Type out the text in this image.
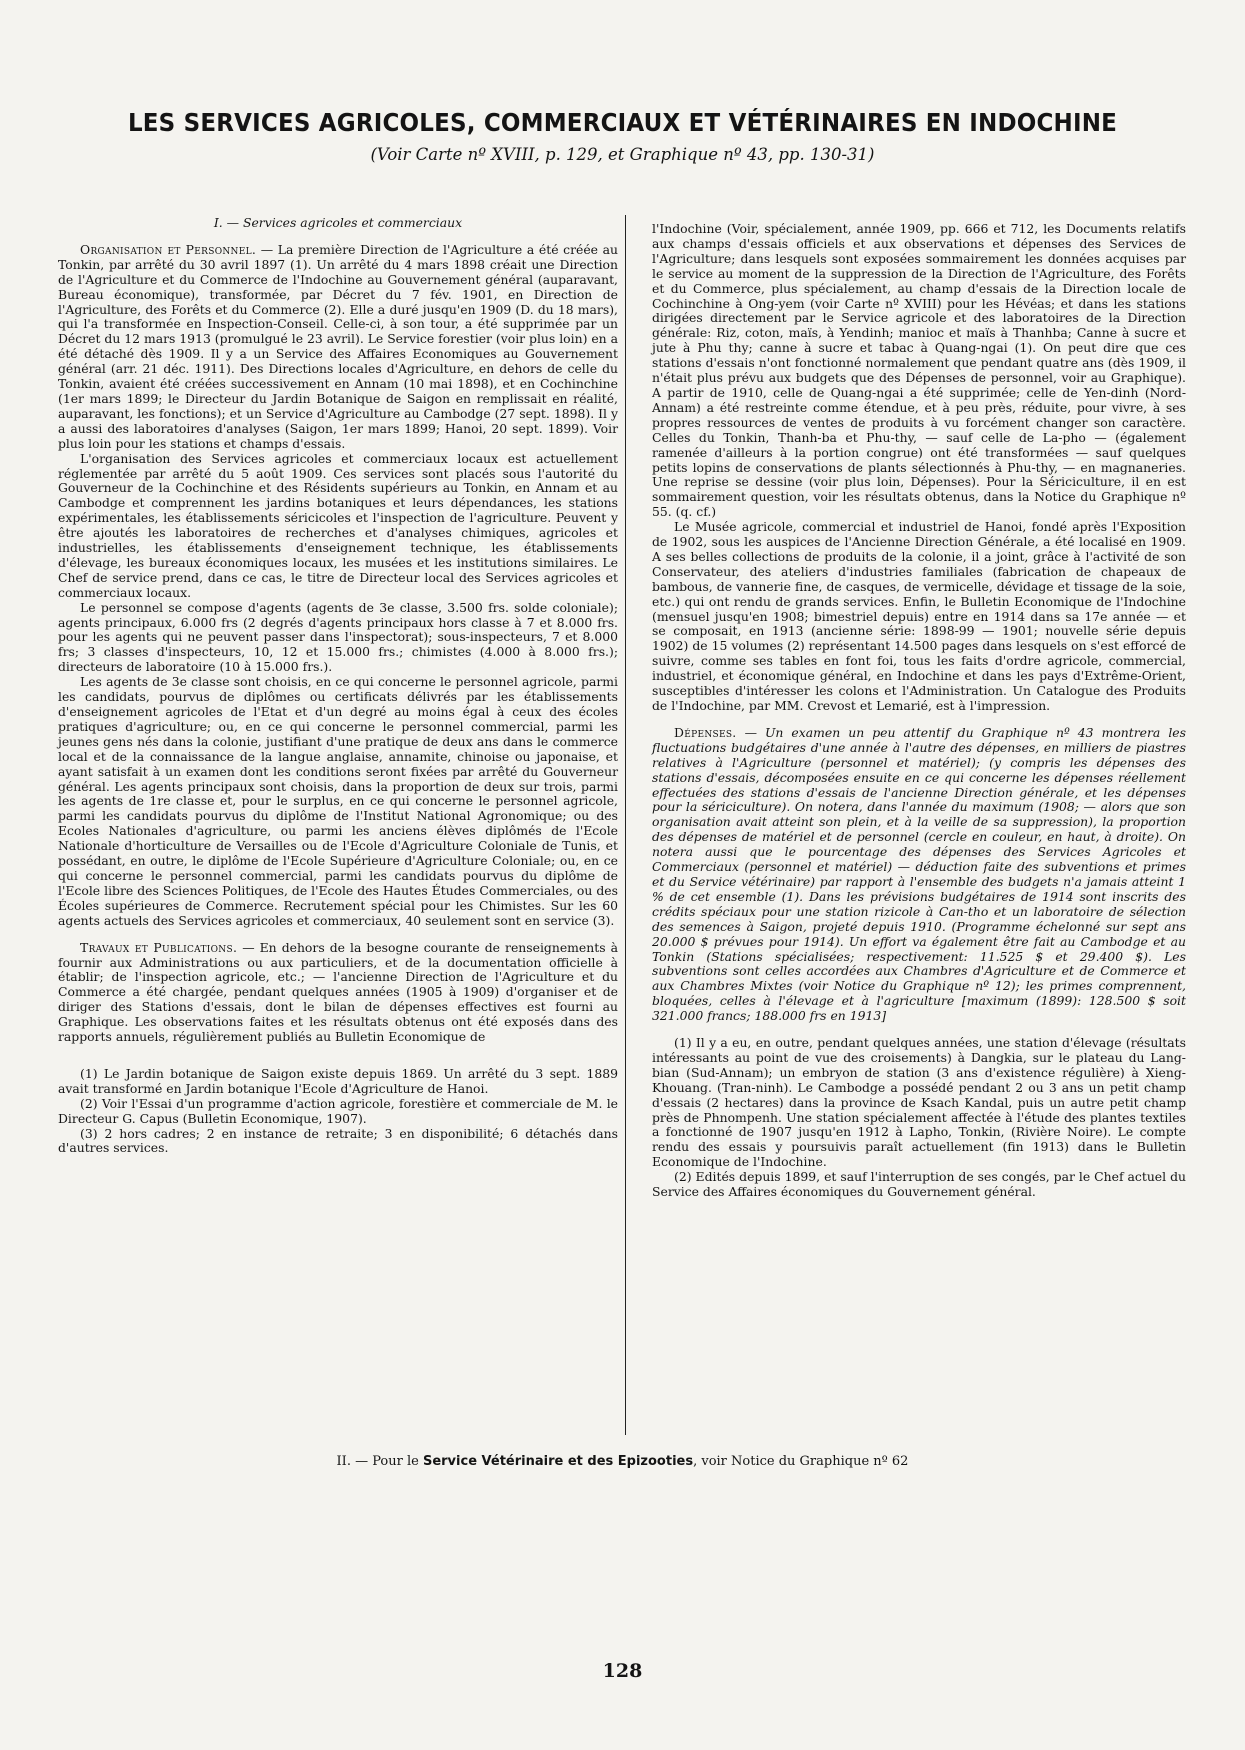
LES SERVICES AGRICOLES, COMMERCIAUX ET VÉTÉRINAIRES EN INDOCHINE
(Voir Carte nº XVIII, p. 129, et Graphique nº 43, pp. 130-31)

I. — Services agricoles et commerciaux

Organisation et Personnel. — La première Direction de l'Agriculture a été créée au Tonkin, par arrêté du 30 avril 1897 (1). Un arrêté du 4 mars 1898 créait une Direction de l'Agriculture et du Commerce de l'Indochine au Gouvernement général (auparavant, Bureau économique), transformée, par Décret du 7 fév. 1901, en Direction de l'Agriculture, des Forêts et du Commerce (2). Elle a duré jusqu'en 1909 (D. du 18 mars), qui l'a transformée en Inspection-Conseil. Celle-ci, à son tour, a été supprimée par un Décret du 12 mars 1913 (promulgué le 23 avril). Le Service forestier (voir plus loin) en a été détaché dès 1909. Il y a un Service des Affaires Economiques au Gouvernement général (arr. 21 déc. 1911). Des Directions locales d'Agriculture, en dehors de celle du Tonkin, avaient été créées successivement en Annam (10 mai 1898), et en Cochinchine (1er mars 1899; le Directeur du Jardin Botanique de Saigon en remplissait en réalité, auparavant, les fonctions); et un Service d'Agriculture au Cambodge (27 sept. 1898). Il y a aussi des laboratoires d'analyses (Saigon, 1er mars 1899; Hanoi, 20 sept. 1899). Voir plus loin pour les stations et champs d'essais.

L'organisation des Services agricoles et commerciaux locaux est actuellement réglementée par arrêté du 5 août 1909. Ces services sont placés sous l'autorité du Gouverneur de la Cochinchine et des Résidents supérieurs au Tonkin, en Annam et au Cambodge et comprennent les jardins botaniques et leurs dépendances, les stations expérimentales, les établissements séricicoles et l'inspection de l'agriculture. Peuvent y être ajoutés les laboratoires de recherches et d'analyses chimiques, agricoles et industrielles, les établissements d'enseignement technique, les établissements d'élevage, les bureaux économiques locaux, les musées et les institutions similaires. Le Chef de service prend, dans ce cas, le titre de Directeur local des Services agricoles et commerciaux locaux.

Le personnel se compose d'agents (agents de 3e classe, 3.500 frs. solde coloniale); agents principaux, 6.000 frs (2 degrés d'agents principaux hors classe à 7 et 8.000 frs. pour les agents qui ne peuvent passer dans l'inspectorat); sous-inspecteurs, 7 et 8.000 frs; 3 classes d'inspecteurs, 10, 12 et 15.000 frs.; chimistes (4.000 à 8.000 frs.); directeurs de laboratoire (10 à 15.000 frs.).

Les agents de 3e classe sont choisis, en ce qui concerne le personnel agricole, parmi les candidats, pourvus de diplômes ou certificats délivrés par les établissements d'enseignement agricoles de l'Etat et d'un degré au moins égal à ceux des écoles pratiques d'agriculture; ou, en ce qui concerne le personnel commercial, parmi les jeunes gens nés dans la colonie, justifiant d'une pratique de deux ans dans le commerce local et de la connaissance de la langue anglaise, annamite, chinoise ou japonaise, et ayant satisfait à un examen dont les conditions seront fixées par arrêté du Gouverneur général. Les agents principaux sont choisis, dans la proportion de deux sur trois, parmi les agents de 1re classe et, pour le surplus, en ce qui concerne le personnel agricole, parmi les candidats pourvus du diplôme de l'Institut National Agronomique; ou des Ecoles Nationales d'agriculture, ou parmi les anciens élèves diplômés de l'Ecole Nationale d'horticulture de Versailles ou de l'Ecole d'Agriculture Coloniale de Tunis, et possédant, en outre, le diplôme de l'Ecole Supérieure d'Agriculture Coloniale; ou, en ce qui concerne le personnel commercial, parmi les candidats pourvus du diplôme de l'Ecole libre des Sciences Politiques, de l'Ecole des Hautes Études Commerciales, ou des Écoles supérieures de Commerce. Recrutement spécial pour les Chimistes. Sur les 60 agents actuels des Services agricoles et commerciaux, 40 seulement sont en service (3).

Travaux et Publications. — En dehors de la besogne courante de renseignements à fournir aux Administrations ou aux particuliers, et de la documentation officielle à établir; de l'inspection agricole, etc.; — l'ancienne Direction de l'Agriculture et du Commerce a été chargée, pendant quelques années (1905 à 1909) d'organiser et de diriger des Stations d'essais, dont le bilan de dépenses effectives est fourni au Graphique. Les observations faites et les résultats obtenus ont été exposés dans des rapports annuels, régulièrement publiés au Bulletin Economique de

(1) Le Jardin botanique de Saigon existe depuis 1869. Un arrêté du 3 sept. 1889 avait transformé en Jardin botanique l'Ecole d'Agriculture de Hanoi.

(2) Voir l'Essai d'un programme d'action agricole, forestière et commerciale de M. le Directeur G. Capus (Bulletin Economique, 1907).

(3) 2 hors cadres; 2 en instance de retraite; 3 en disponibilité; 6 détachés dans d'autres services.

l'Indochine (Voir, spécialement, année 1909, pp. 666 et 712, les Documents relatifs aux champs d'essais officiels et aux observations et dépenses des Services de l'Agriculture; dans lesquels sont exposées sommairement les données acquises par le service au moment de la suppression de la Direction de l'Agriculture, des Forêts et du Commerce, plus spécialement, au champ d'essais de la Direction locale de Cochinchine à Ong-yem (voir Carte nº XVIII) pour les Hévéas; et dans les stations dirigées directement par le Service agricole et des laboratoires de la Direction générale: Riz, coton, maïs, à Yendinh; manioc et maïs à Thanhba; Canne à sucre et jute à Phu thy; canne à sucre et tabac à Quang-ngai (1). On peut dire que ces stations d'essais n'ont fonctionné normalement que pendant quatre ans (dès 1909, il n'était plus prévu aux budgets que des Dépenses de personnel, voir au Graphique). A partir de 1910, celle de Quang-ngai a été supprimée; celle de Yen-dinh (Nord-Annam) a été restreinte comme étendue, et à peu près, réduite, pour vivre, à ses propres ressources de ventes de produits à vu forcément changer son caractère. Celles du Tonkin, Thanh-ba et Phu-thy, — sauf celle de La-pho — (également ramenée d'ailleurs à la portion congrue) ont été transformées — sauf quelques petits lopins de conservations de plants sélectionnés à Phu-thy, — en magnaneries. Une reprise se dessine (voir plus loin, Dépenses). Pour la Sériciculture, il en est sommairement question, voir les résultats obtenus, dans la Notice du Graphique nº 55. (q. cf.)

Le Musée agricole, commercial et industriel de Hanoi, fondé après l'Exposition de 1902, sous les auspices de l'Ancienne Direction Générale, a été localisé en 1909. A ses belles collections de produits de la colonie, il a joint, grâce à l'activité de son Conservateur, des ateliers d'industries familiales (fabrication de chapeaux de bambous, de vannerie fine, de casques, de vermicelle, dévidage et tissage de la soie, etc.) qui ont rendu de grands services. Enfin, le Bulletin Economique de l'Indochine (mensuel jusqu'en 1908; bimestriel depuis) entre en 1914 dans sa 17e année — et se composait, en 1913 (ancienne série: 1898-99 — 1901; nouvelle série depuis 1902) de 15 volumes (2) représentant 14.500 pages dans lesquels on s'est efforcé de suivre, comme ses tables en font foi, tous les faits d'ordre agricole, commercial, industriel, et économique général, en Indochine et dans les pays d'Extrême-Orient, susceptibles d'intéresser les colons et l'Administration. Un Catalogue des Produits de l'Indochine, par MM. Crevost et Lemarié, est à l'impression.

Dépenses. — Un examen un peu attentif du Graphique nº 43 montrera les fluctuations budgétaires d'une année à l'autre des dépenses, en milliers de piastres relatives à l'Agriculture (personnel et matériel); (y compris les dépenses des stations d'essais, décomposées ensuite en ce qui concerne les dépenses réellement effectuées des stations d'essais de l'ancienne Direction générale, et les dépenses pour la sériciculture). On notera, dans l'année du maximum (1908; — alors que son organisation avait atteint son plein, et à la veille de sa suppression), la proportion des dépenses de matériel et de personnel (cercle en couleur, en haut, à droite). On notera aussi que le pourcentage des dépenses des Services Agricoles et Commerciaux (personnel et matériel) — déduction faite des subventions et primes et du Service vétérinaire) par rapport à l'ensemble des budgets n'a jamais atteint 1 % de cet ensemble (1). Dans les prévisions budgétaires de 1914 sont inscrits des crédits spéciaux pour une station rizicole à Can-tho et un laboratoire de sélection des semences à Saigon, projeté depuis 1910. (Programme échelonné sur sept ans 20.000 $ prévues pour 1914). Un effort va également être fait au Cambodge et au Tonkin (Stations spécialisées; respectivement: 11.525 $ et 29.400 $). Les subventions sont celles accordées aux Chambres d'Agriculture et de Commerce et aux Chambres Mixtes (voir Notice du Graphique nº 12); les primes comprennent, bloquées, celles à l'élevage et à l'agriculture [maximum (1899): 128.500 $ soit 321.000 francs; 188.000 frs en 1913]

(1) Il y a eu, en outre, pendant quelques années, une station d'élevage (résultats intéressants au point de vue des croisements) à Dangkia, sur le plateau du Lang-bian (Sud-Annam); un embryon de station (3 ans d'existence régulière) à Xieng-Khouang. (Tran-ninh). Le Cambodge a possédé pendant 2 ou 3 ans un petit champ d'essais (2 hectares) dans la province de Ksach Kandal, puis un autre petit champ près de Phnompenh. Une station spécialement affectée à l'étude des plantes textiles a fonctionné de 1907 jusqu'en 1912 à Lapho, Tonkin, (Rivière Noire). Le compte rendu des essais y poursuivis paraît actuellement (fin 1913) dans le Bulletin Economique de l'Indochine.

(2) Edités depuis 1899, et sauf l'interruption de ses congés, par le Chef actuel du Service des Affaires économiques du Gouvernement général.

II. — Pour le Service Vétérinaire et des Epizooties, voir Notice du Graphique nº 62
128
